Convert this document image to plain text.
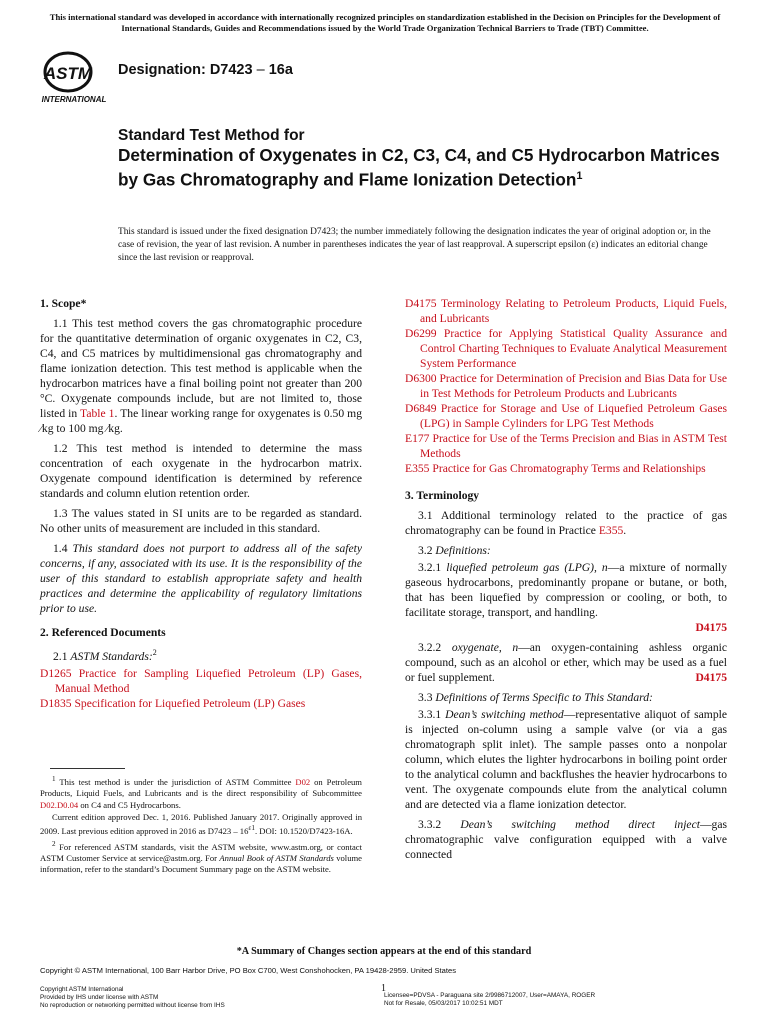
This international standard was developed in accordance with internationally recognized principles on standardization established in the Decision on Principles for the Development of International Standards, Guides and Recommendations issued by the World Trade Organization Technical Barriers to Trade (TBT) Committee.
ASTM
INTERNATIONAL
Designation: D7423 – 16a
Standard Test Method for
Determination of Oxygenates in C2, C3, C4, and C5 Hydrocarbon Matrices by Gas Chromatography and Flame Ionization Detection$^1$
This standard is issued under the fixed designation D7423; the number immediately following the designation indicates the year of original adoption or, in the case of revision, the year of last revision. A number in parentheses indicates the year of last reapproval. A superscript epsilon (ε) indicates an editorial change since the last revision or reapproval.
1. Scope*
1.1 This test method covers the gas chromatographic procedure for the quantitative determination of organic oxygenates in C2, C3, C4, and C5 matrices by multidimensional gas chromatography and flame ionization detection. This test method is applicable when the hydrocarbon matrices have a final boiling point not greater than 200 °C. Oxygenate compounds include, but are not limited to, those listed in Table 1. The linear working range for oxygenates is 0.50 mg ⁄kg to 100 mg ⁄kg.
1.2 This test method is intended to determine the mass concentration of each oxygenate in the hydrocarbon matrix. Oxygenate compound identification is determined by reference standards and column elution retention order.
1.3 The values stated in SI units are to be regarded as standard. No other units of measurement are included in this standard.
1.4 This standard does not purport to address all of the safety concerns, if any, associated with its use. It is the responsibility of the user of this standard to establish appropriate safety and health practices and determine the applicability of regulatory limitations prior to use.
2. Referenced Documents
2.1 ASTM Standards:$^2$
D1265 Practice for Sampling Liquefied Petroleum (LP) Gases, Manual Method
D1835 Specification for Liquefied Petroleum (LP) Gases

$^1$ This test method is under the jurisdiction of ASTM Committee D02 on Petroleum Products, Liquid Fuels, and Lubricants and is the direct responsibility of Subcommittee D02.D0.04 on C4 and C5 Hydrocarbons.

Current edition approved Dec. 1, 2016. Published January 2017. Originally approved in 2009. Last previous edition approved in 2016 as $D7423 - 16^{\varepsilon 1}$. DOI: 10.1520/D7423-16A.

$^2$ For referenced ASTM standards, visit the ASTM website, www.astm.org, or contact ASTM Customer Service at service@astm.org. For Annual Book of ASTM Standards volume information, refer to the standard’s Document Summary page on the ASTM website.

D4175 Terminology Relating to Petroleum Products, Liquid Fuels, and Lubricants
D6299 Practice for Applying Statistical Quality Assurance and Control Charting Techniques to Evaluate Analytical Measurement System Performance
D6300 Practice for Determination of Precision and Bias Data for Use in Test Methods for Petroleum Products and Lubricants
D6849 Practice for Storage and Use of Liquefied Petroleum Gases (LPG) in Sample Cylinders for LPG Test Methods
E177 Practice for Use of the Terms Precision and Bias in ASTM Test Methods
E355 Practice for Gas Chromatography Terms and Relationships
3. Terminology
3.1 Additional terminology related to the practice of gas chromatography can be found in Practice E355.
3.2 Definitions:
3.2.1 liquefied petroleum gas (LPG), n—a mixture of normally gaseous hydrocarbons, predominantly propane or butane, or both, that has been liquefied by compression or cooling, or both, to facilitate storage, transport, and handling.
D4175
3.2.2 oxygenate, n—an oxygen-containing ashless organic compound, such as an alcohol or ether, which may be used as a fuel or fuel supplement.	D4175
3.3 Definitions of Terms Specific to This Standard:
3.3.1 Dean’s switching method—representative aliquot of sample is injected on-column using a sample valve (or via a gas chromatograph split inlet). The sample passes onto a nonpolar column, which elutes the lighter hydrocarbons in boiling point order to the analytical column and backflushes the heavier hydrocarbons to vent. The oxygenate compounds elute from the analytical column and are detected via a flame ionization detector.
3.3.2 Dean’s switching method direct inject—gas chromatographic valve configuration equipped with a valve connected
*A Summary of Changes section appears at the end of this standard
Copyright © ASTM International, 100 Barr Harbor Drive, PO Box C700, West Conshohocken, PA 19428-2959. United States
Copyright ASTM International
Provided by IHS under license with ASTM
No reproduction or networking permitted without license from IHS
1
Licensee=PDVSA - Paraguana site 2/9986712007, User=AMAYA, ROGER
Not for Resale, 05/03/2017 10:02:51 MDT
